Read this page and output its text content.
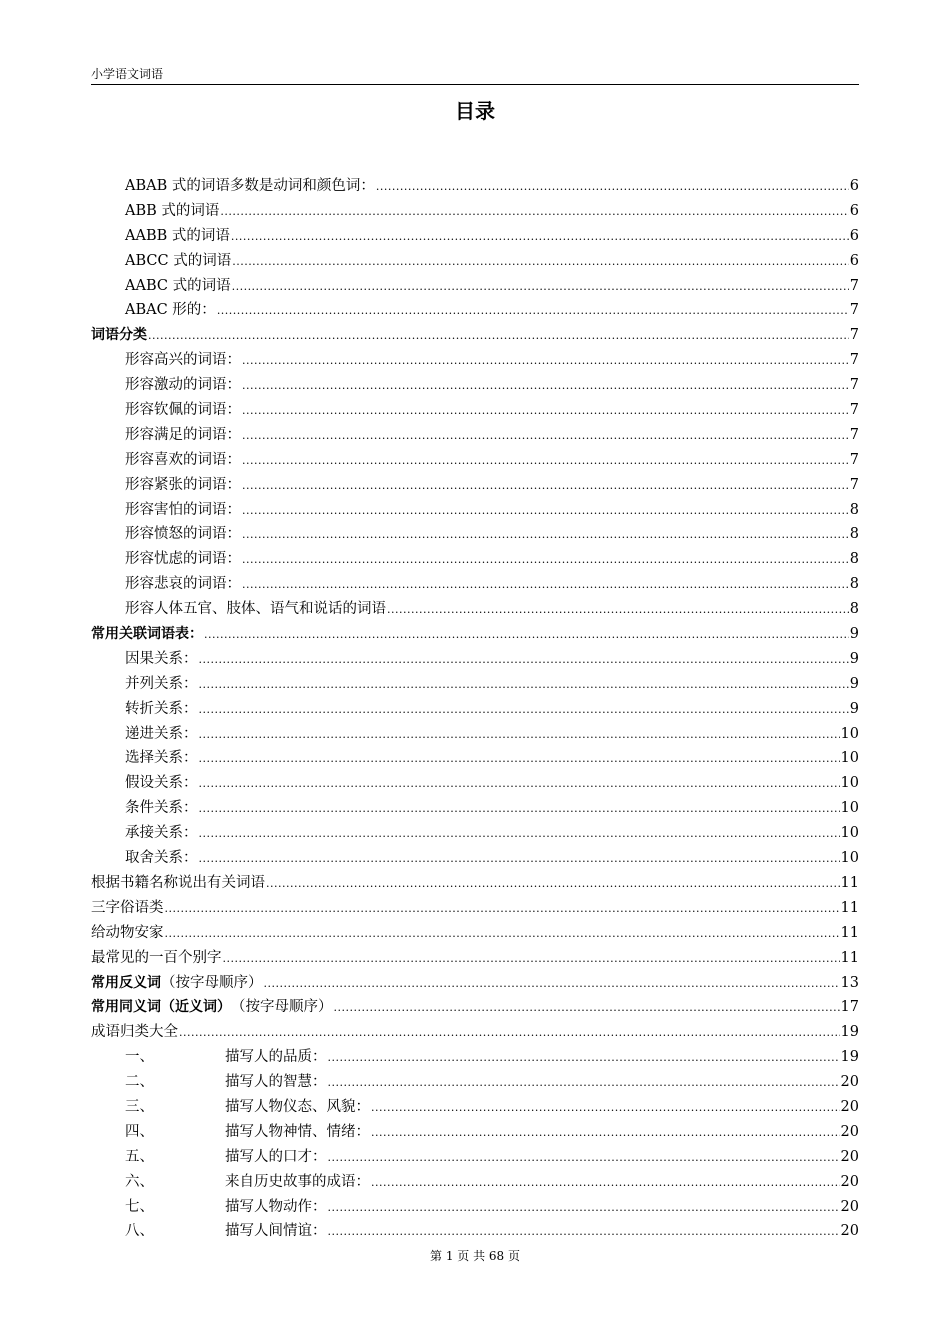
小学语文词语
目录
ABAB 式的词语多数是动词和颜色词： .....	6
ABB 式的词语 .....	6
AABB 式的词语 .....	6
ABCC 式的词语 .....	6
AABC 式的词语 .....	7
ABAC 形的： .....	7
词语分类 .....	7
形容高兴的词语： .....	7
形容激动的词语： .....	7
形容钦佩的词语： .....	7
形容满足的词语： .....	7
形容喜欢的词语： .....	7
形容紧张的词语： .....	7
形容害怕的词语： .....	8
形容愤怒的词语： .....	8
形容忧虑的词语： .....	8
形容悲哀的词语： .....	8
形容人体五官、肢体、语气和说话的词语 .....	8
常用关联词语表： .....	9
因果关系： .....	9
并列关系： .....	9
转折关系： .....	9
递进关系： .....	10
选择关系： .....	10
假设关系： .....	10
条件关系： .....	10
承接关系： .....	10
取舍关系： .....	10
根据书籍名称说出有关词语 .....	11
三字俗语类 .....	11
给动物安家 .....	11
最常见的一百个别字 .....	11
常用反义词 （按字母顺序） .....	13
常用同义词（近义词） （按字母顺序） .....	17
成语归类大全 .....	19
一、	描写人的品质： .....	19
二、	描写人的智慧： .....	20
三、	描写人物仪态、风貌： .....	20
四、	描写人物神情、情绪： .....	20
五、	描写人的口才： .....	20
六、	来自历史故事的成语： .....	20
七、	描写人物动作： .....	20
八、	描写人间情谊： .....	20
第 1 页 共 68 页
